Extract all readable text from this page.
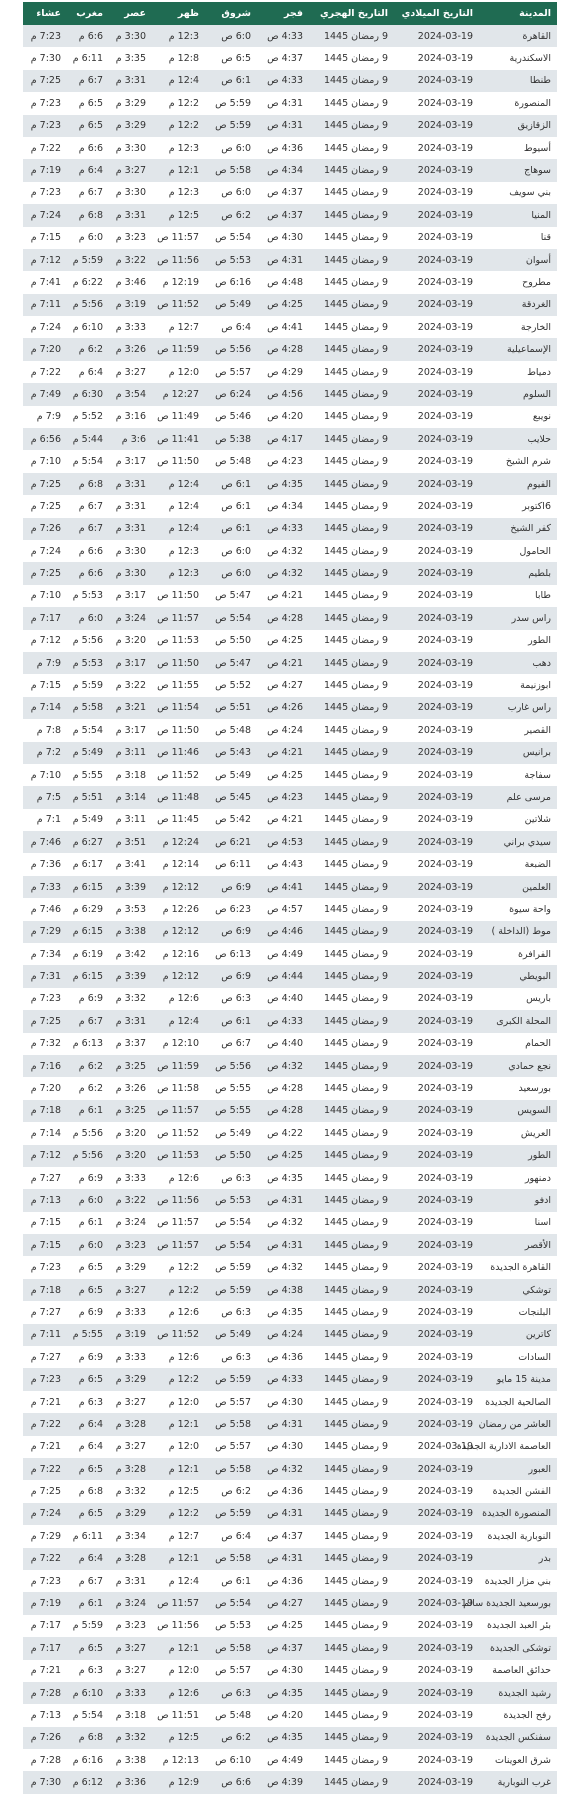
المدينة	التاريخ الميلادي	التاريخ الهجري	فجر	شروق	ظهر	عصر	مغرب	عشاء
القاهرة	2024-03-19	9 رمضان 1445	4:33 ص	6:0 ص	12:3 م	3:30 م	6:6 م	7:23 م
الاسكندرية	2024-03-19	9 رمضان 1445	4:37 ص	6:5 ص	12:8 م	3:35 م	6:11 م	7:30 م
طنطا	2024-03-19	9 رمضان 1445	4:33 ص	6:1 ص	12:4 م	3:31 م	6:7 م	7:25 م
المنصورة	2024-03-19	9 رمضان 1445	4:31 ص	5:59 ص	12:2 م	3:29 م	6:5 م	7:23 م
الزقازيق	2024-03-19	9 رمضان 1445	4:31 ص	5:59 ص	12:2 م	3:29 م	6:5 م	7:23 م
أسيوط	2024-03-19	9 رمضان 1445	4:36 ص	6:0 ص	12:3 م	3:30 م	6:6 م	7:22 م
سوهاج	2024-03-19	9 رمضان 1445	4:34 ص	5:58 ص	12:1 م	3:27 م	6:4 م	7:19 م
بني سويف	2024-03-19	9 رمضان 1445	4:37 ص	6:0 ص	12:3 م	3:30 م	6:7 م	7:23 م
المنيا	2024-03-19	9 رمضان 1445	4:37 ص	6:2 ص	12:5 م	3:31 م	6:8 م	7:24 م
قنا	2024-03-19	9 رمضان 1445	4:30 ص	5:54 ص	11:57 ص	3:23 م	6:0 م	7:15 م
أسوان	2024-03-19	9 رمضان 1445	4:31 ص	5:53 ص	11:56 ص	3:22 م	5:59 م	7:12 م
مطروح	2024-03-19	9 رمضان 1445	4:48 ص	6:16 ص	12:19 م	3:46 م	6:22 م	7:41 م
الغردقة	2024-03-19	9 رمضان 1445	4:25 ص	5:49 ص	11:52 ص	3:19 م	5:56 م	7:11 م
الخارجة	2024-03-19	9 رمضان 1445	4:41 ص	6:4 ص	12:7 م	3:33 م	6:10 م	7:24 م
الإسماعيلية	2024-03-19	9 رمضان 1445	4:28 ص	5:56 ص	11:59 ص	3:26 م	6:2 م	7:20 م
دمياط	2024-03-19	9 رمضان 1445	4:29 ص	5:57 ص	12:0 م	3:27 م	6:4 م	7:22 م
السلوم	2024-03-19	9 رمضان 1445	4:56 ص	6:24 ص	12:27 م	3:54 م	6:30 م	7:49 م
نويبع	2024-03-19	9 رمضان 1445	4:20 ص	5:46 ص	11:49 ص	3:16 م	5:52 م	7:9 م
حلايب	2024-03-19	9 رمضان 1445	4:17 ص	5:38 ص	11:41 ص	3:6 م	5:44 م	6:56 م
شرم الشيخ	2024-03-19	9 رمضان 1445	4:23 ص	5:48 ص	11:50 ص	3:17 م	5:54 م	7:10 م
الفيوم	2024-03-19	9 رمضان 1445	4:35 ص	6:1 ص	12:4 م	3:31 م	6:8 م	7:25 م
6اكتوبر	2024-03-19	9 رمضان 1445	4:34 ص	6:1 ص	12:4 م	3:31 م	6:7 م	7:25 م
كفر الشيخ	2024-03-19	9 رمضان 1445	4:33 ص	6:1 ص	12:4 م	3:31 م	6:7 م	7:26 م
الحامول	2024-03-19	9 رمضان 1445	4:32 ص	6:0 ص	12:3 م	3:30 م	6:6 م	7:24 م
بلطيم	2024-03-19	9 رمضان 1445	4:32 ص	6:0 ص	12:3 م	3:30 م	6:6 م	7:25 م
طابا	2024-03-19	9 رمضان 1445	4:21 ص	5:47 ص	11:50 ص	3:17 م	5:53 م	7:10 م
راس سدر	2024-03-19	9 رمضان 1445	4:28 ص	5:54 ص	11:57 ص	3:24 م	6:0 م	7:17 م
الطور	2024-03-19	9 رمضان 1445	4:25 ص	5:50 ص	11:53 ص	3:20 م	5:56 م	7:12 م
دهب	2024-03-19	9 رمضان 1445	4:21 ص	5:47 ص	11:50 ص	3:17 م	5:53 م	7:9 م
ابوزنيمة	2024-03-19	9 رمضان 1445	4:27 ص	5:52 ص	11:55 ص	3:22 م	5:59 م	7:15 م
راس غارب	2024-03-19	9 رمضان 1445	4:26 ص	5:51 ص	11:54 ص	3:21 م	5:58 م	7:14 م
القصير	2024-03-19	9 رمضان 1445	4:24 ص	5:48 ص	11:50 ص	3:17 م	5:54 م	7:8 م
برانيس	2024-03-19	9 رمضان 1445	4:21 ص	5:43 ص	11:46 ص	3:11 م	5:49 م	7:2 م
سفاجة	2024-03-19	9 رمضان 1445	4:25 ص	5:49 ص	11:52 ص	3:18 م	5:55 م	7:10 م
مرسى علم	2024-03-19	9 رمضان 1445	4:23 ص	5:45 ص	11:48 ص	3:14 م	5:51 م	7:5 م
شلاتين	2024-03-19	9 رمضان 1445	4:21 ص	5:42 ص	11:45 ص	3:11 م	5:49 م	7:1 م
سيدي براني	2024-03-19	9 رمضان 1445	4:53 ص	6:21 ص	12:24 م	3:51 م	6:27 م	7:46 م
الضبعة	2024-03-19	9 رمضان 1445	4:43 ص	6:11 ص	12:14 م	3:41 م	6:17 م	7:36 م
العلمين	2024-03-19	9 رمضان 1445	4:41 ص	6:9 ص	12:12 م	3:39 م	6:15 م	7:33 م
واحة سيوة	2024-03-19	9 رمضان 1445	4:57 ص	6:23 ص	12:26 م	3:53 م	6:29 م	7:46 م
موط (الداخلة )	2024-03-19	9 رمضان 1445	4:46 ص	6:9 ص	12:12 م	3:38 م	6:15 م	7:29 م
الفرافرة	2024-03-19	9 رمضان 1445	4:49 ص	6:13 ص	12:16 م	3:42 م	6:19 م	7:34 م
البويطي	2024-03-19	9 رمضان 1445	4:44 ص	6:9 ص	12:12 م	3:39 م	6:15 م	7:31 م
باريس	2024-03-19	9 رمضان 1445	4:40 ص	6:3 ص	12:6 م	3:32 م	6:9 م	7:23 م
المحلة الكبرى	2024-03-19	9 رمضان 1445	4:33 ص	6:1 ص	12:4 م	3:31 م	6:7 م	7:25 م
الحمام	2024-03-19	9 رمضان 1445	4:40 ص	6:7 ص	12:10 م	3:37 م	6:13 م	7:32 م
نجع حمادي	2024-03-19	9 رمضان 1445	4:32 ص	5:56 ص	11:59 ص	3:25 م	6:2 م	7:16 م
بورسعيد	2024-03-19	9 رمضان 1445	4:28 ص	5:55 ص	11:58 ص	3:26 م	6:2 م	7:20 م
السويس	2024-03-19	9 رمضان 1445	4:28 ص	5:55 ص	11:57 ص	3:25 م	6:1 م	7:18 م
العريش	2024-03-19	9 رمضان 1445	4:22 ص	5:49 ص	11:52 ص	3:20 م	5:56 م	7:14 م
الطور	2024-03-19	9 رمضان 1445	4:25 ص	5:50 ص	11:53 ص	3:20 م	5:56 م	7:12 م
دمنهور	2024-03-19	9 رمضان 1445	4:35 ص	6:3 ص	12:6 م	3:33 م	6:9 م	7:27 م
ادفو	2024-03-19	9 رمضان 1445	4:31 ص	5:53 ص	11:56 ص	3:22 م	6:0 م	7:13 م
اسنا	2024-03-19	9 رمضان 1445	4:32 ص	5:54 ص	11:57 ص	3:24 م	6:1 م	7:15 م
الأقصر	2024-03-19	9 رمضان 1445	4:31 ص	5:54 ص	11:57 ص	3:23 م	6:0 م	7:15 م
القاهرة الجديدة	2024-03-19	9 رمضان 1445	4:32 ص	5:59 ص	12:2 م	3:29 م	6:5 م	7:23 م
توشكي	2024-03-19	9 رمضان 1445	4:38 ص	5:59 ص	12:2 م	3:27 م	6:5 م	7:18 م
البلنجات	2024-03-19	9 رمضان 1445	4:35 ص	6:3 ص	12:6 م	3:33 م	6:9 م	7:27 م
كاترين	2024-03-19	9 رمضان 1445	4:24 ص	5:49 ص	11:52 ص	3:19 م	5:55 م	7:11 م
السادات	2024-03-19	9 رمضان 1445	4:36 ص	6:3 ص	12:6 م	3:33 م	6:9 م	7:27 م
مدينة 15 مايو	2024-03-19	9 رمضان 1445	4:33 ص	5:59 ص	12:2 م	3:29 م	6:5 م	7:23 م
الصالحية الجديدة	2024-03-19	9 رمضان 1445	4:30 ص	5:57 ص	12:0 م	3:27 م	6:3 م	7:21 م
العاشر من رمضان	2024-03-19	9 رمضان 1445	4:31 ص	5:58 ص	12:1 م	3:28 م	6:4 م	7:22 م
العاصمة الادارية الجديدة	2024-03-19	9 رمضان 1445	4:30 ص	5:57 ص	12:0 م	3:27 م	6:4 م	7:21 م
العبور	2024-03-19	9 رمضان 1445	4:32 ص	5:58 ص	12:1 م	3:28 م	6:5 م	7:22 م
الفشن الجديدة	2024-03-19	9 رمضان 1445	4:36 ص	6:2 ص	12:5 م	3:32 م	6:8 م	7:25 م
المنصورة الجديدة	2024-03-19	9 رمضان 1445	4:31 ص	5:59 ص	12:2 م	3:29 م	6:5 م	7:24 م
النوبارية الجديدة	2024-03-19	9 رمضان 1445	4:37 ص	6:4 ص	12:7 م	3:34 م	6:11 م	7:29 م
بدر	2024-03-19	9 رمضان 1445	4:31 ص	5:58 ص	12:1 م	3:28 م	6:4 م	7:22 م
بني مزار الجديدة	2024-03-19	9 رمضان 1445	4:36 ص	6:1 ص	12:4 م	3:31 م	6:7 م	7:23 م
بورسعيد الجديدة سالم	2024-03-19	9 رمضان 1445	4:27 ص	5:54 ص	11:57 ص	3:24 م	6:1 م	7:19 م
بئر العبد الجديدة	2024-03-19	9 رمضان 1445	4:25 ص	5:53 ص	11:56 ص	3:23 م	5:59 م	7:17 م
توشكى الجديدة	2024-03-19	9 رمضان 1445	4:37 ص	5:58 ص	12:1 م	3:27 م	6:5 م	7:17 م
حدائق العاصمة	2024-03-19	9 رمضان 1445	4:30 ص	5:57 ص	12:0 م	3:27 م	6:3 م	7:21 م
رشيد الجديدة	2024-03-19	9 رمضان 1445	4:35 ص	6:3 ص	12:6 م	3:33 م	6:10 م	7:28 م
رفح الجديدة	2024-03-19	9 رمضان 1445	4:20 ص	5:48 ص	11:51 ص	3:18 م	5:54 م	7:13 م
سفنكس الجديدة	2024-03-19	9 رمضان 1445	4:35 ص	6:2 ص	12:5 م	3:32 م	6:8 م	7:26 م
شرق العوينات	2024-03-19	9 رمضان 1445	4:49 ص	6:10 ص	12:13 م	3:38 م	6:16 م	7:28 م
غرب النوبارية	2024-03-19	9 رمضان 1445	4:39 ص	6:6 ص	12:9 م	3:36 م	6:12 م	7:30 م
